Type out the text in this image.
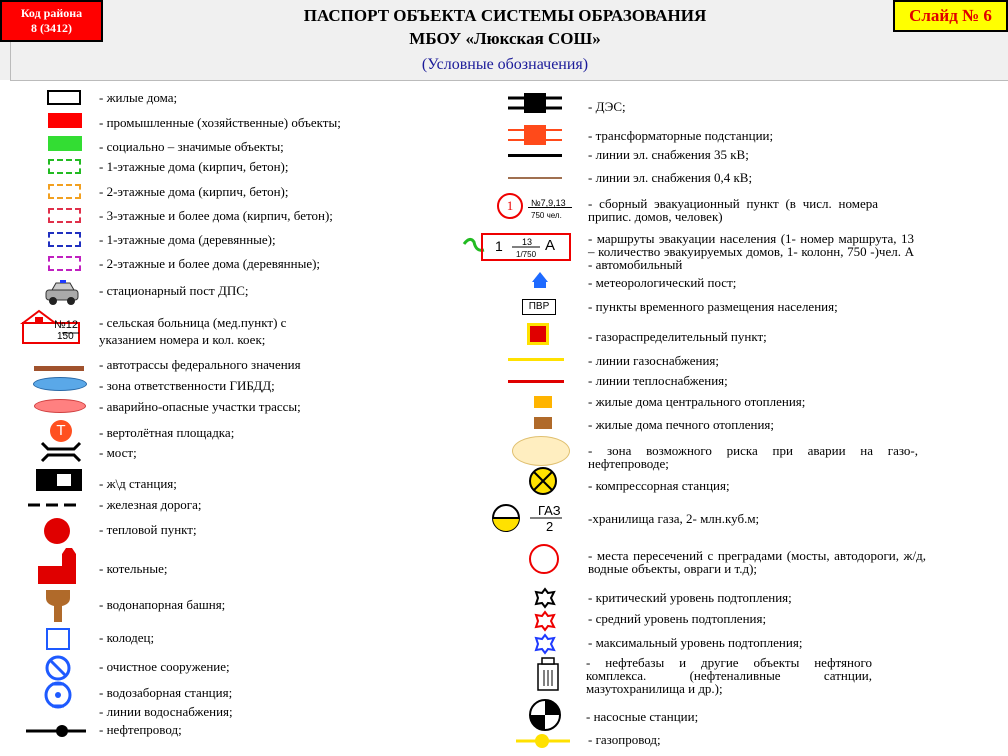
Код района
8 (3412)
Слайд № 6
ПАСПОРТ ОБЪЕКТА СИСТЕМЫ ОБРАЗОВАНИЯ
МБОУ «Люкская СОШ»
(Условные обозначения)
№12
150
Т
- жилые дома;
- промышленные (хозяйственные) объекты;
- социально – значимые объекты;
- 1-этажные дома (кирпич, бетон);
- 2-этажные дома (кирпич, бетон);
- 3-этажные и более дома (кирпич, бетон);
- 1-этажные дома (деревянные);
- 2-этажные и более дома (деревянные);
- стационарный пост ДПС;
- сельская больница (мед.пункт) с
указанием номера и кол. коек;
- автотрассы федерального значения
- зона ответственности ГИБДД;
- аварийно-опасные участки трассы;
- вертолётная площадка;
- мост;
- ж\д станция;
- железная дорога;
- тепловой пункт;
- котельные;
- водонапорная башня;
- колодец;
- очистное сооружение;
- водозаборная станция;
- линии водоснабжения;
- нефтепровод;
1	№7,9,13
750 чел.
1 13
1/750
А
ПВР
ГАЗ
2
- ДЭС;
- трансформаторные подстанции;
- линии эл. снабжения 35 кВ;
- линии эл. снабжения 0,4 кВ;
- сборный эвакуационный пункт (в числ. номера припис. домов, человек)
- маршруты эвакуации населения (1- номер маршрута, 13 – количество эвакуируемых домов, 1- колонн, 750 -)чел. А - автомобильный
- метеорологический пост;
- пункты временного размещения населения;
- газораспределительный пункт;
- линии газоснабжения;
- линии теплоснабжения;
- жилые дома центрального отопления;
- жилые дома печного отопления;
- зона возможного риска при аварии на газо-, нефтепроводе;
- компрессорная станция;
-хранилища газа, 2- млн.куб.м;
- места пересечений с преградами (мосты, автодороги, ж/д, водные объекты, овраги и т.д);
- критический уровень подтопления;
- средний уровень подтопления;
- максимальный уровень подтопления;
- нефтебазы и другие объекты нефтяного комплекса. (нефтеналивные сатнции, мазутохранилища и др.);
- насосные станции;
- газопровод;
